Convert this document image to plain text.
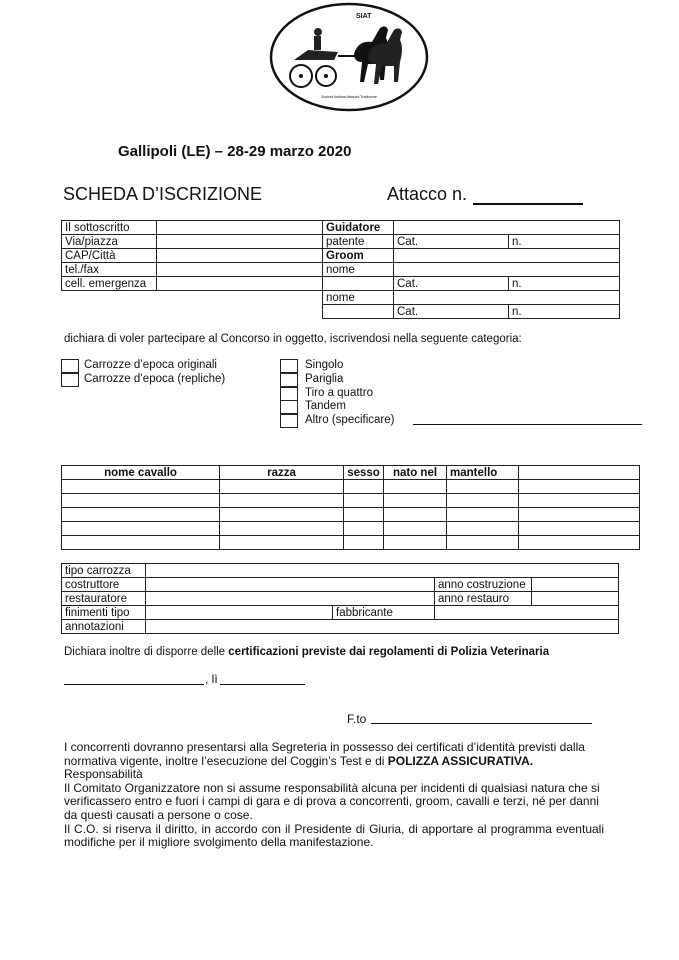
SIAT
Società Italiana Attacchi Tradizione
Gallipoli (LE) – 28-29 marzo 2020
SCHEDA D’ISCRIZIONE	Attacco n.
Il sottoscritto		Guidatore		
Via/piazza		patente	Cat.	n.
CAP/Città		Groom		
tel./fax		nome		
cell. emergenza			Cat.	n.
		nome		
			Cat.	n.
dichiara di voler partecipare al Concorso in oggetto, iscrivendosi nella seguente categoria:
Carrozze d’epoca originali
Carrozze d’epoca (repliche)
Singolo
Pariglia
Tiro a quattro
Tandem
Altro (specificare)
nome cavallo	razza	sesso	nato nel	mantello	

tipo carrozza				
costruttore			anno costruzione	
restauratore			anno restauro	
finimenti tipo		fabbricante		
annotazioni				
Dichiara inoltre di disporre delle certificazioni previste dai regolamenti di Polizia Veterinaria
, lì
F.to
I concorrenti dovranno presentarsi alla Segreteria in possesso dei certificati d’identità previsti dalla normativa vigente, inoltre l’esecuzione del Coggin’s Test e di POLIZZA ASSICURATIVA.
Responsabilità
Il Comitato Organizzatore non si assume responsabilità alcuna per incidenti di qualsiasi natura che si verificassero entro e fuori i campi di gara e di prova a concorrenti, groom, cavalli e terzi, né per danni da questi causati a persone o cose.
Il C.O. si riserva il diritto, in accordo con il Presidente di Giuria, di apportare al programma eventuali modifiche per il migliore svolgimento della manifestazione.
